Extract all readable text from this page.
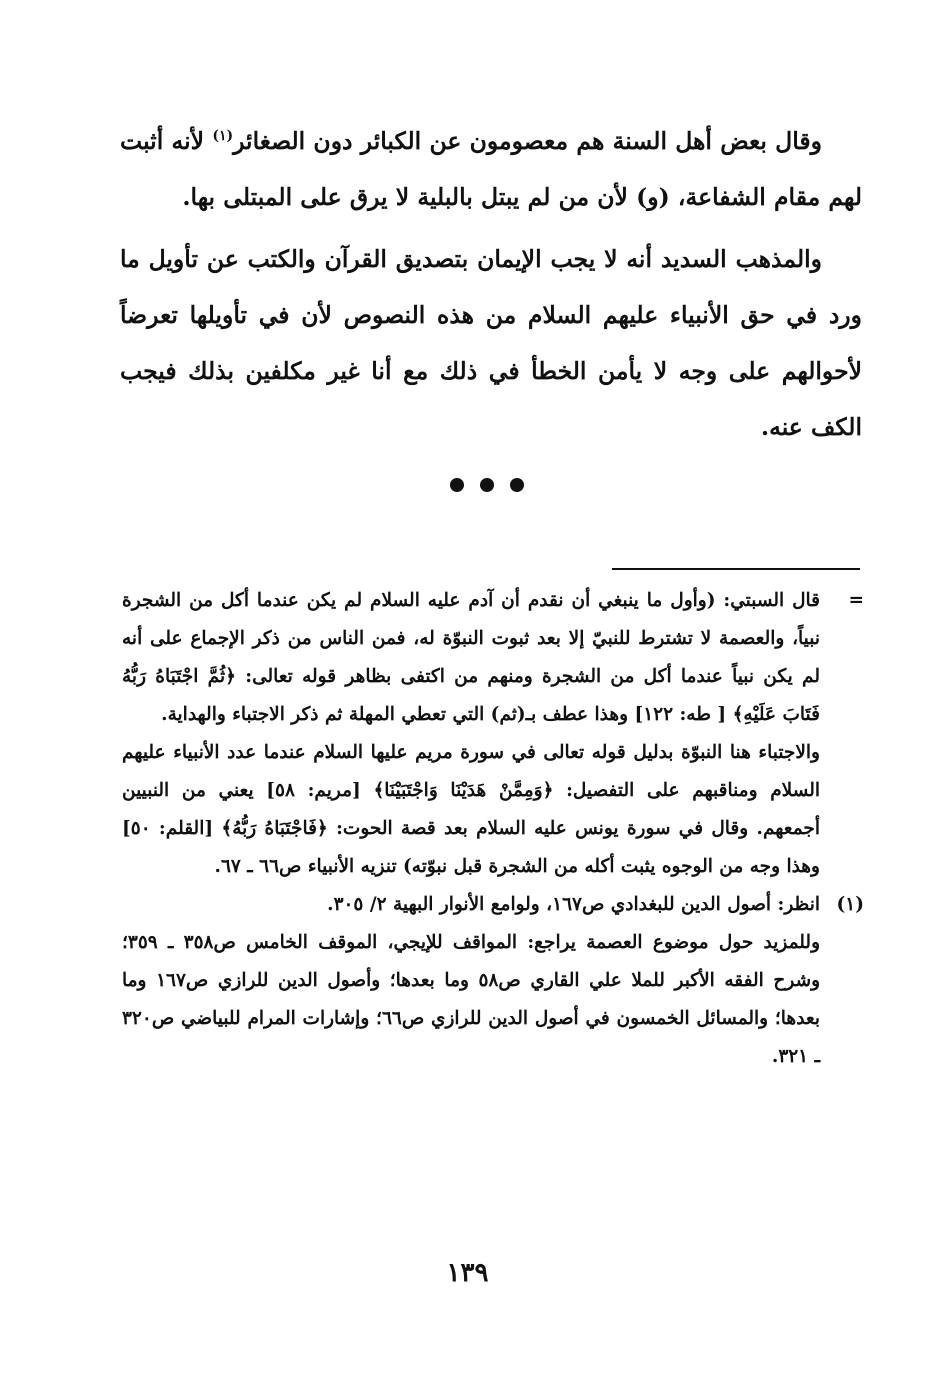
وقال بعض أهل السنة هم معصومون عن الكبائر دون الصغائر$^{(١)}$ لأنه أثبت لهم مقام الشفاعة، (و) لأن من لم يبتل بالبلية لا يرق على المبتلى بها.

والمذهب السديد أنه لا يجب الإيمان بتصديق القرآن والكتب عن تأويل ما ورد في حق الأنبياء عليهم السلام من هذه النصوص لأن في تأويلها تعرضاً لأحوالهم على وجه لا يأمن الخطأ في ذلك مع أنا غير مكلفين بذلك فيجب الكف عنه.

=
قال السبتي: (وأول ما ينبغي أن نقدم أن آدم عليه السلام لم يكن عندما أكل من الشجرة نبياً، والعصمة لا تشترط للنبيّ إلا بعد ثبوت النبوّة له، فمن الناس من ذكر الإجماع على أنه لم يكن نبياً عندما أكل من الشجرة ومنهم من اكتفى بظاهر قوله تعالى: ﴿ثُمَّ اجْتَبَاهُ رَبُّهُ فَتَابَ عَلَيْهِ﴾ [ طه: ١٢٢] وهذا عطف بـ(ثم) التي تعطي المهلة ثم ذكر الاجتباء والهداية.

والاجتباء هنا النبوّة بدليل قوله تعالى في سورة مريم عليها السلام عندما عدد الأنبياء عليهم السلام ومناقبهم على التفصيل: ﴿وَمِمَّنْ هَدَيْنَا وَاجْتَبَيْنَا﴾ [مريم: ٥٨] يعني من النبيين أجمعهم. وقال في سورة يونس عليه السلام بعد قصة الحوت: ﴿فَاجْتَبَاهُ رَبُّهُ﴾ [القلم: ٥٠] وهذا وجه من الوجوه يثبت أكله من الشجرة قبل نبوّته) تنزيه الأنبياء ص٦٦ ـ ٦٧.

(١)
انظر: أصول الدين للبغدادي ص١٦٧، ولوامع الأنوار البهية ٢/ ٣٠٥.

وللمزيد حول موضوع العصمة يراجع: المواقف للإيجي، الموقف الخامس ص٣٥٨ ـ ٣٥٩؛ وشرح الفقه الأكبر للملا علي القاري ص٥٨ وما بعدها؛ وأصول الدين للرازي ص١٦٧ وما بعدها؛ والمسائل الخمسون في أصول الدين للرازي ص٦٦؛ وإشارات المرام للبياضي ص٣٢٠ ـ ٣٢١.

١٣٩
